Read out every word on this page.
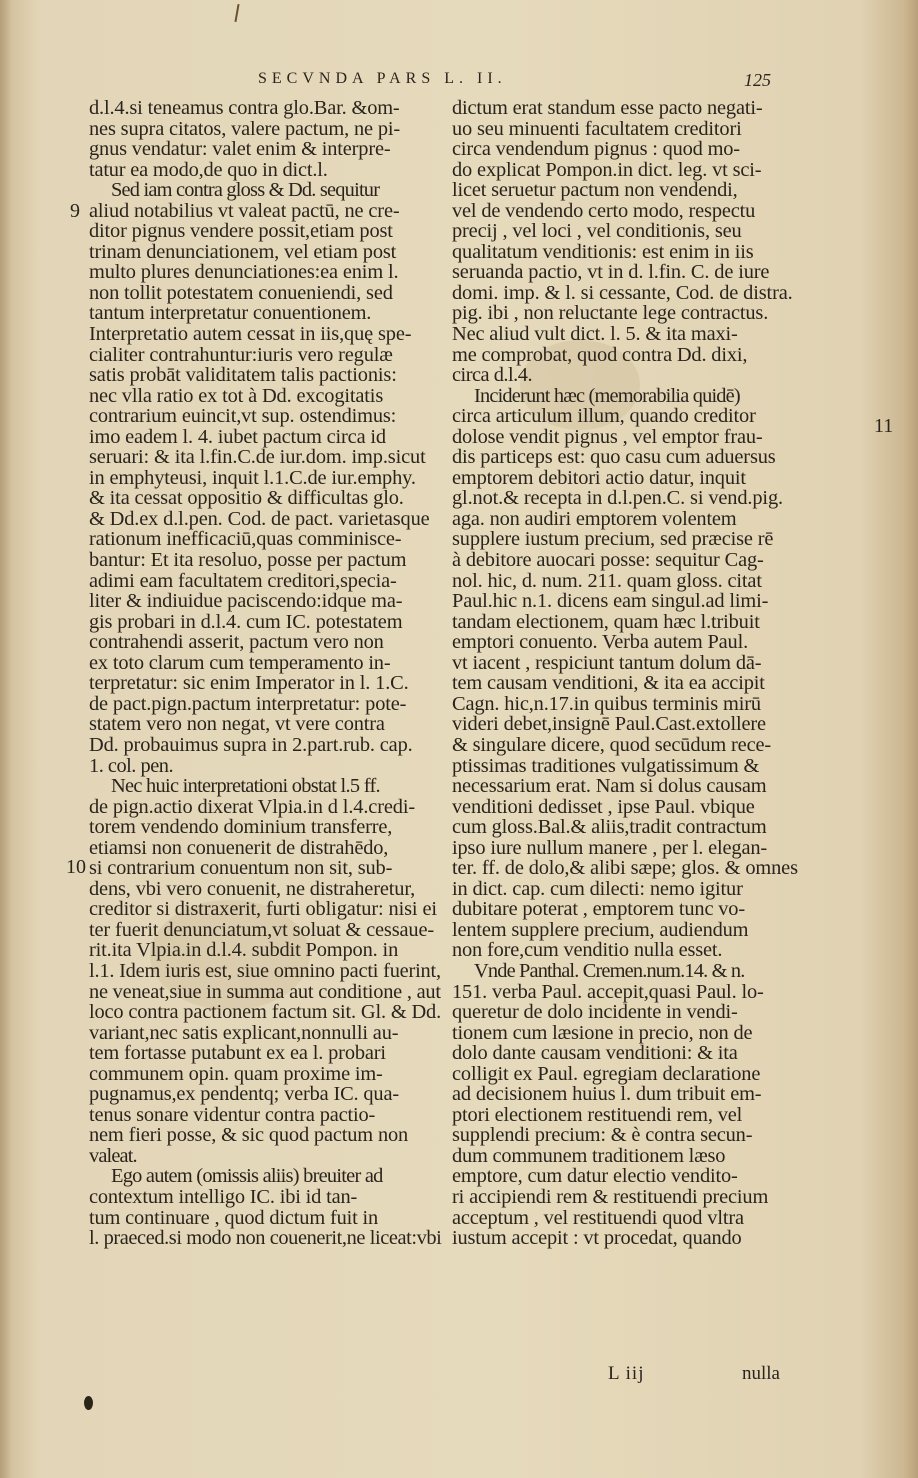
SECVNDA PARS L. II.	125
9
10
11

d.l.4.si teneamus contra glo.Bar. &om-

nes supra citatos, valere pactum, ne pi-

gnus vendatur: valet enim & interpre-

tatur ea modo,de quo in dict.l.

Sed iam contra gloss & Dd. sequitur

aliud notabilius vt valeat pactū, ne cre-

ditor pignus vendere possit,etiam post

trinam denunciationem, vel etiam post

multo plures denunciationes:ea enim l.

non tollit potestatem conueniendi, sed

tantum interpretatur conuentionem.

Interpretatio autem cessat in iis,quę spe-

cialiter contrahuntur:iuris vero regulæ

satis probāt validitatem talis pactionis:

nec vlla ratio ex tot à Dd. excogitatis

contrarium euincit,vt sup. ostendimus:

imo eadem l. 4. iubet pactum circa id

seruari: & ita l.fin.C.de iur.dom. imp.sicut

in emphyteusi, inquit l.1.C.de iur.emphy.

& ita cessat oppositio & difficultas glo.

& Dd.ex d.l.pen. Cod. de pact. varietasque

rationum inefficaciū,quas comminisce-

bantur: Et ita resoluo, posse per pactum

adimi eam facultatem creditori,specia-

liter & indiuidue paciscendo:idque ma-

gis probari in d.l.4. cum IC. potestatem

contrahendi asserit, pactum vero non

ex toto clarum cum temperamento in-

terpretatur: sic enim Imperator in l. 1.C.

de pact.pign.pactum interpretatur: pote-

statem vero non negat, vt vere contra

Dd. probauimus supra in 2.part.rub. cap.

1. col. pen.

Nec huic interpretationi obstat l.5 ff.

de pign.actio dixerat Vlpia.in d l.4.credi-

torem vendendo dominium transferre,

etiamsi non conuenerit de distrahēdo,

si contrarium conuentum non sit, sub-

dens, vbi vero conuenit, ne distraheretur,

creditor si distraxerit, furti obligatur: nisi ei

ter fuerit denunciatum,vt soluat & cessaue-

rit.ita Vlpia.in d.l.4. subdit Pompon. in

l.1. Idem iuris est, siue omnino pacti fuerint,

ne veneat,siue in summa aut conditione , aut

loco contra pactionem factum sit. Gl. & Dd.

variant,nec satis explicant,nonnulli au-

tem fortasse putabunt ex ea l. probari

communem opin. quam proxime im-

pugnamus,ex pendentq; verba IC. qua-

tenus sonare videntur contra pactio-

nem fieri posse, & sic quod pactum non

valeat.

Ego autem (omissis aliis) breuiter ad

contextum intelligo IC. ibi id tan-

tum continuare , quod dictum fuit in

l. praeced.si modo non couenerit,ne liceat:vbi

dictum erat standum esse pacto negati-

uo seu minuenti facultatem creditori

circa vendendum pignus : quod mo-

do explicat Pompon.in dict. leg. vt sci-

licet seruetur pactum non vendendi,

vel de vendendo certo modo, respectu

precij , vel loci , vel conditionis, seu

qualitatum venditionis: est enim in iis

seruanda pactio, vt in d. l.fin. C. de iure

domi. imp. & l. si cessante, Cod. de distra.

pig. ibi , non reluctante lege contractus.

Nec aliud vult dict. l. 5. & ita maxi-

me comprobat, quod contra Dd. dixi,

circa d.l.4.

Inciderunt hæc (memorabilia quidē)

circa articulum illum, quando creditor

dolose vendit pignus , vel emptor frau-

dis particeps est: quo casu cum aduersus

emptorem debitori actio datur, inquit

gl.not.& recepta in d.l.pen.C. si vend.pig.

aga. non audiri emptorem volentem

supplere iustum precium, sed præcise rē

à debitore auocari posse: sequitur Cag-

nol. hic, d. num. 211. quam gloss. citat

Paul.hic n.1. dicens eam singul.ad limi-

tandam electionem, quam hæc l.tribuit

emptori conuento. Verba autem Paul.

vt iacent , respiciunt tantum dolum dā-

tem causam venditioni, & ita ea accipit

Cagn. hic,n.17.in quibus terminis mirū

videri debet,insignē Paul.Cast.extollere

& singulare dicere, quod secūdum rece-

ptissimas traditiones vulgatissimum &

necessarium erat. Nam si dolus causam

venditioni dedisset , ipse Paul. vbique

cum gloss.Bal.& aliis,tradit contractum

ipso iure nullum manere , per l. elegan-

ter. ff. de dolo,& alibi sæpe; glos. & omnes

in dict. cap. cum dilecti: nemo igitur

dubitare poterat , emptorem tunc vo-

lentem supplere precium, audiendum

non fore,cum venditio nulla esset.

Vnde Panthal. Cremen.num.14. & n.

151. verba Paul. accepit,quasi Paul. lo-

queretur de dolo incidente in vendi-

tionem cum læsione in precio, non de

dolo dante causam venditioni: & ita

colligit ex Paul. egregiam declaratione

ad decisionem huius l. dum tribuit em-

ptori electionem restituendi rem, vel

supplendi precium: & è contra secun-

dum communem traditionem læso

emptore, cum datur electio vendito-

ri accipiendi rem & restituendi precium

acceptum , vel restituendi quod vltra

iustum accepit : vt procedat, quando

L iij	nulla
